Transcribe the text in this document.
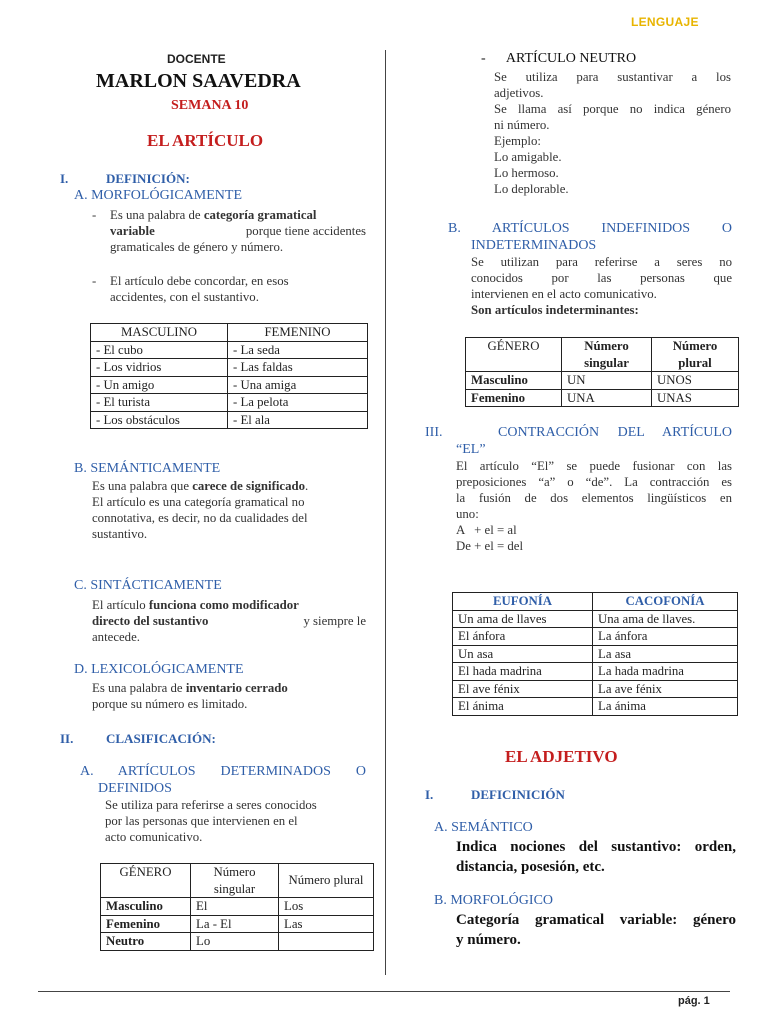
LENGUAJE
DOCENTE
MARLON SAAVEDRA
SEMANA 10
EL ARTÍCULO
I.	DEFINICIÓN:
A. MORFOLÓGICAMENTE
-	Es una palabra de categoría gramatical
variable	porque tiene accidentes
gramaticales de género y número.
-	El artículo debe concordar, en esos
accidentes, con el sustantivo.
MASCULINO	FEMENINO
- El cubo	- La seda
- Los vidrios	- Las faldas
- Un amigo	- Una amiga
- El turista	- La pelota
- Los obstáculos	- El ala
B. SEMÁNTICAMENTE
Es una palabra que carece de significado.
El artículo es una categoría gramatical no
connotativa, es decir, no da cualidades del
sustantivo.
C. SINTÁCTICAMENTE
El artículo funciona como modificador
directo del sustantivo	y siempre le
antecede.
D. LEXICOLÓGICAMENTE
Es una palabra de inventario cerrado
porque su número es limitado.
II.	CLASIFICACIÓN:
A. ARTÍCULOS DETERMINADOS O
DEFINIDOS
Se utiliza para referirse a seres conocidos
por las personas que intervienen en el
acto comunicativo.
GÉNERO	Número singular	Número plural
Masculino	El	Los
Femenino	La - El	Las
Neutro	Lo	
-      ARTÍCULO NEUTRO
Se utiliza para sustantivar a los
adjetivos.
Se llama así porque no indica género
ni número.
Ejemplo:
Lo amigable.
Lo hermoso.
Lo deplorable.
B. ARTÍCULOS INDEFINIDOS O
INDETERMINADOS
Se utilizan para referirse a seres no
conocidos por las personas que
intervienen en el acto comunicativo.
Son artículos indeterminantes:
GÉNERO	Número singular	Número plural
Masculino	UN	UNOS
Femenino	UNA	UNAS
III.   CONTRACCIÓN DEL ARTÍCULO
“EL”
El artículo “El” se puede fusionar con las
preposiciones “a” o “de”. La contracción es
la fusión de dos elementos lingüísticos en
uno:
A   + el = al
De + el = del
EUFONÍA	CACOFONÍA
Un ama de llaves	Una ama de llaves.
El ánfora	La ánfora
Un asa	La asa
El hada madrina	La hada madrina
El ave fénix	La ave fénix
El ánima	La ánima
EL ADJETIVO
I.	DEFICINICIÓN
A. SEMÁNTICO
Indica nociones del sustantivo: orden,
distancia, posesión, etc.
B. MORFOLÓGICO
Categoría gramatical variable: género
y número.
pág. 1
